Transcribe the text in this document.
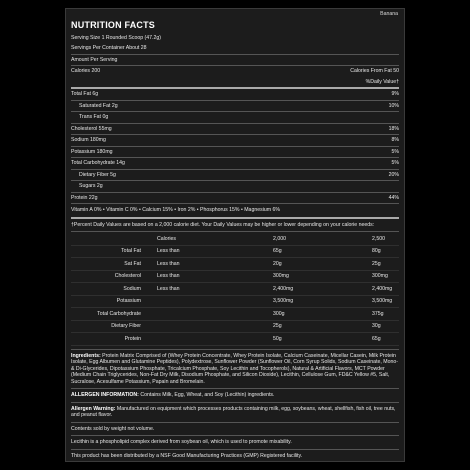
Banana
NUTRITION FACTS
Serving Size 1 Rounded Scoop (47.2g)
Servings Per Container About 28
Amount Per Serving
Calories 200	Calories From Fat 50
%Daily Value†
Total Fat 6g	9%
Saturated Fat 2g	10%
Trans Fat 0g
Cholesterol 55mg	18%
Sodium 180mg	8%
Potassium 180mg	5%
Total Carbohydrate 14g	5%
Dietary Fiber 5g	20%
Sugars 2g
Protein 22g	44%
Vitamin A 0% • Vitamin C 0% • Calcium 15% • Iron 2% • Phosphorus 15% • Magnesium 6%
†Percent Daily Values are based on a 2,000 calorie diet. Your Daily Values may be higher or lower depending on your calorie needs:
	Calories	2,000	2,500
Total Fat	Less than	65g	80g
Sat Fat	Less than	20g	25g
Cholesterol	Less than	300mg	300mg
Sodium	Less than	2,400mg	2,400mg
Potassium		3,500mg	3,500mg
Total Carbohydrate		300g	375g
Dietary Fiber		25g	30g
Protein		50g	65g
Ingredients: Protein Matrix Comprised of (Whey Protein Concentrate, Whey Protein Isolate, Calcium Caseinate, Micellar Casein, Milk Protein Isolate, Egg Albumen and Glutamine Peptides), Polydextrose, Sunflower Powder (Sunflower Oil, Corn Syrup Solids, Sodium Caseinate, Mono- & Di-Glycerides, Dipotassium Phosphate, Tricalcium Phosphate, Soy Lecithin and Tocopherols), Natural & Artificial Flavors, MCT Powder (Medium Chain Triglycerides, Non-Fat Dry Milk, Disodium Phosphate, and Silicon Dioxide), Lecithin, Cellulose Gum, FD&C Yellow #5, Salt, Sucralose, Acesulfame Potassium, Papain and Bromelain.
ALLERGEN INFORMATION: Contains Milk, Egg, Wheat, and Soy (Lecithin) ingredients.
Allergen Warning: Manufactured on equipment which processes products containing milk, egg, soybeans, wheat, shellfish, fish oil, tree nuts, and peanut flavor.
Contents sold by weight not volume.
Lecithin is a phospholipid complex derived from soybean oil, which is used to promote mixability.
This product has been distributed by a NSF Good Manufacturing Practices (GMP) Registered facility.
